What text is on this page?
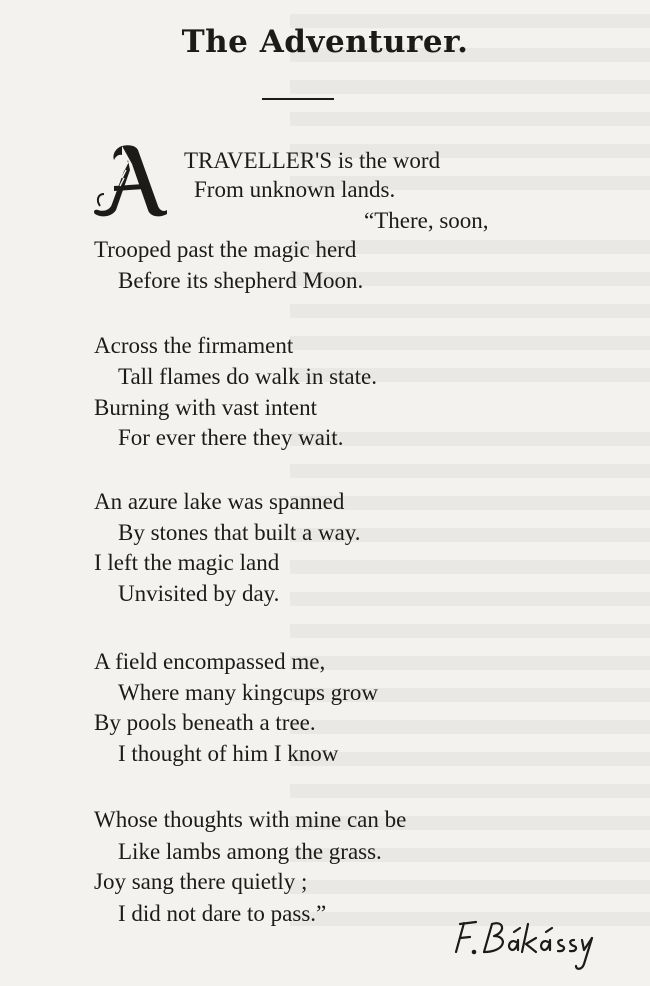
The Adventurer.
TRAVELLER'S is the word
From unknown lands.
“There, soon,
Trooped past the magic herd
Before its shepherd Moon.
Across the firmament
Tall flames do walk in state.
Burning with vast intent
For ever there they wait.
An azure lake was spanned
By stones that built a way.
I left the magic land
Unvisited by day.
A field encompassed me,
Where many kingcups grow
By pools beneath a tree.
I thought of him I know
Whose thoughts with mine can be
Like lambs among the grass.
Joy sang there quietly ;
I did not dare to pass.”
